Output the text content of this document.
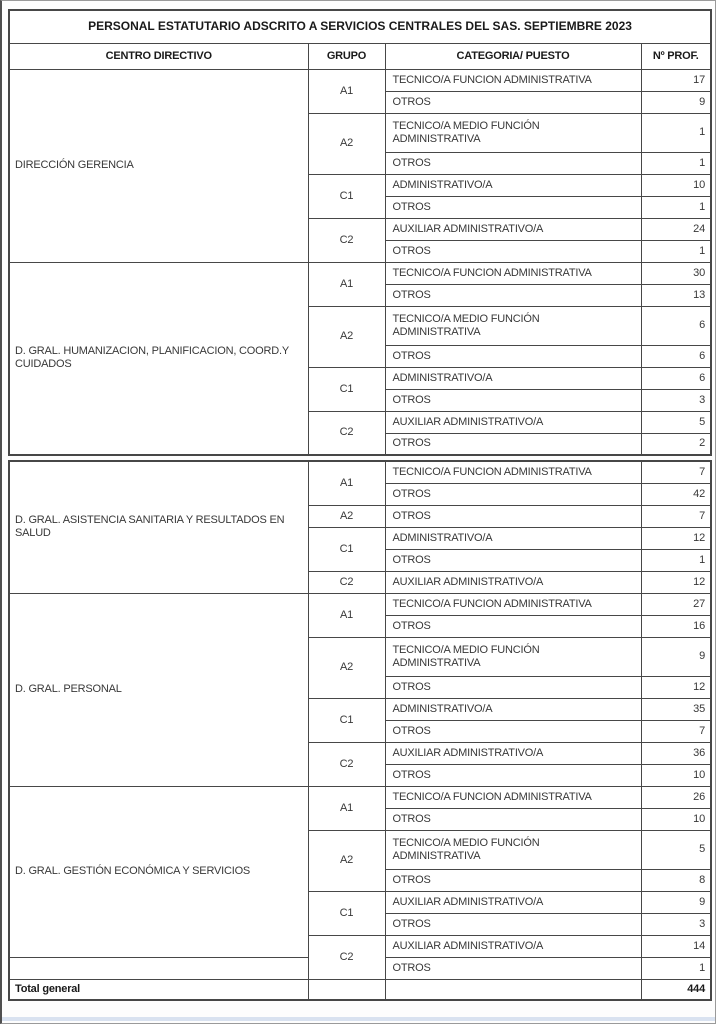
PERSONAL ESTATUTARIO ADSCRITO A SERVICIOS CENTRALES DEL SAS. SEPTIEMBRE 2023			
CENTRO DIRECTIVO	GRUPO	CATEGORIA/ PUESTO	Nº PROF.
DIRECCIÓN GERENCIA	A1	TECNICO/A FUNCION ADMINISTRATIVA	17

		OTROS	9
	A2	TECNICO/A MEDIO FUNCIÓN ADMINISTRATIVA	1

		OTROS	1
	C1	ADMINISTRATIVO/A	10

		OTROS	1
	C2	AUXILIAR ADMINISTRATIVO/A	24

		OTROS	1
D. GRAL. HUMANIZACION, PLANIFICACION, COORD.Y CUIDADOS	A1	TECNICO/A FUNCION ADMINISTRATIVA	30

		OTROS	13
	A2	TECNICO/A MEDIO FUNCIÓN ADMINISTRATIVA	6

		OTROS	6
	C1	ADMINISTRATIVO/A	6

		OTROS	3
	C2	AUXILIAR ADMINISTRATIVO/A	5

		OTROS	2
D. GRAL. ASISTENCIA SANITARIA Y RESULTADOS EN SALUD	A1	TECNICO/A FUNCION ADMINISTRATIVA	7

		OTROS	42
	A2	OTROS	7
	C1	ADMINISTRATIVO/A	12

		OTROS	1
	C2	AUXILIAR ADMINISTRATIVO/A	12
D. GRAL. PERSONAL	A1	TECNICO/A FUNCION ADMINISTRATIVA	27

		OTROS	16
	A2	TECNICO/A MEDIO FUNCIÓN ADMINISTRATIVA	9

		OTROS	12
	C1	ADMINISTRATIVO/A	35

		OTROS	7
	C2	AUXILIAR ADMINISTRATIVO/A	36

		OTROS	10
D. GRAL. GESTIÓN ECONÓMICA Y SERVICIOS	A1	TECNICO/A FUNCION ADMINISTRATIVA	26

		OTROS	10
	A2	TECNICO/A MEDIO FUNCIÓN ADMINISTRATIVA	5

		OTROS	8
	C1	AUXILIAR ADMINISTRATIVO/A	9

		OTROS	3
	C2	AUXILIAR ADMINISTRATIVO/A	14

		OTROS	1
Total general			444
